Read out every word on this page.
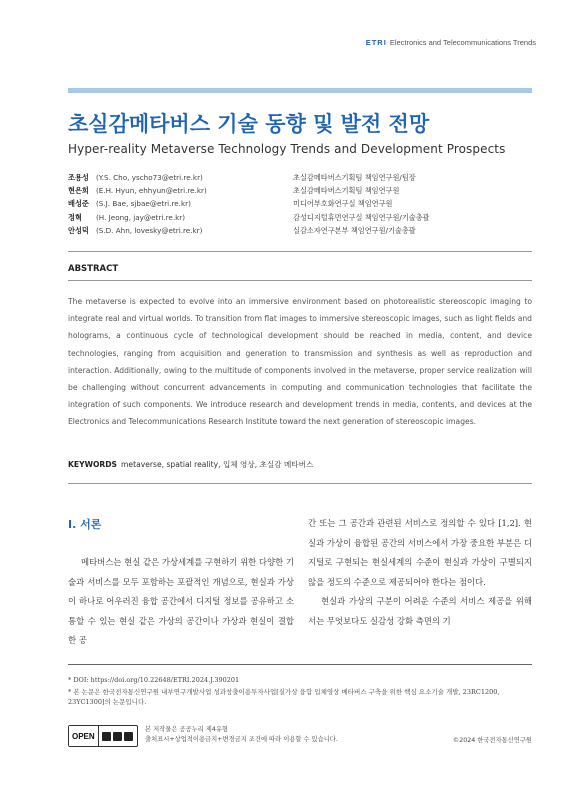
ETRI Electronics and Telecommunications Trends
초실감메타버스 기술 동향 및 발전 전망
Hyper-reality Metaverse Technology Trends and Development Prospects
조용성 (Y.S. Cho, yscho73@etri.re.kr)	초실감메타버스기획팀 책임연구원/팀장
현은희 (E.H. Hyun, ehhyun@etri.re.kr)	초실감메타버스기획팀 책임연구원
배성준 (S.J. Bae, sjbae@etri.re.kr)	미디어부호화연구실 책임연구원
정혁 (H. Jeong, jay@etri.re.kr)	감성디지털휴먼연구실 책임연구원/기술총괄
안성덕 (S.D. Ahn, lovesky@etri.re.kr)	실감소자연구본부 책임연구원/기술총괄
ABSTRACT
The metaverse is expected to evolve into an immersive environment based on photorealistic stereoscopic imaging to integrate real and virtual worlds. To transition from flat images to immersive stereoscopic images, such as light fields and holograms, a continuous cycle of technological development should be reached in media, content, and device technologies, ranging from acquisition and generation to transmission and synthesis as well as reproduction and interaction. Additionally, owing to the multitude of components involved in the metaverse, proper service realization will be challenging without concurrent advancements in computing and communication technologies that facilitate the integration of such components. We introduce research and development trends in media, contents, and devices at the Electronics and Telecommunications Research Institute toward the next generation of stereoscopic images.
KEYWORDS metaverse, spatial reality, 입체 영상, 초실감 메타버스
Ⅰ. 서론

메타버스는 현실 같은 가상세계를 구현하기 위한 다양한 기술과 서비스를 모두 포함하는 포괄적인 개념으로, 현실과 가상이 하나로 어우러진 융합 공간에서 디지털 정보를 공유하고 소통할 수 있는 현실 같은 가상의 공간이나 가상과 현실이 결합한 공

간 또는 그 공간과 관련된 서비스로 정의할 수 있다 [1,2]. 현실과 가상이 융합된 공간의 서비스에서 가장 중요한 부분은 디지털로 구현되는 현실세계의 수준이 현실과 가상이 구별되지 않을 정도의 수준으로 제공되어야 한다는 점이다.

현실과 가상의 구분이 어려운 수준의 서비스 제공을 위해서는 무엇보다도 실감성 강화 측면의 기

* DOI: https://doi.org/10.22648/ETRI.2024.J.390201

* 본 논문은 한국전자통신연구원 내부연구개발사업 성과창출이용투자사업[실가상 융합 입체영상 메타버스 구축을 위한 핵심 요소기술 개발, 23RC1200, 23YC1300]의 논문입니다.

OPEN
본 저작물은 공공누리 제4유형
출처표시+상업적이용금지+변경금지 조건에 따라 이용할 수 있습니다.	©2024 한국전자통신연구원
